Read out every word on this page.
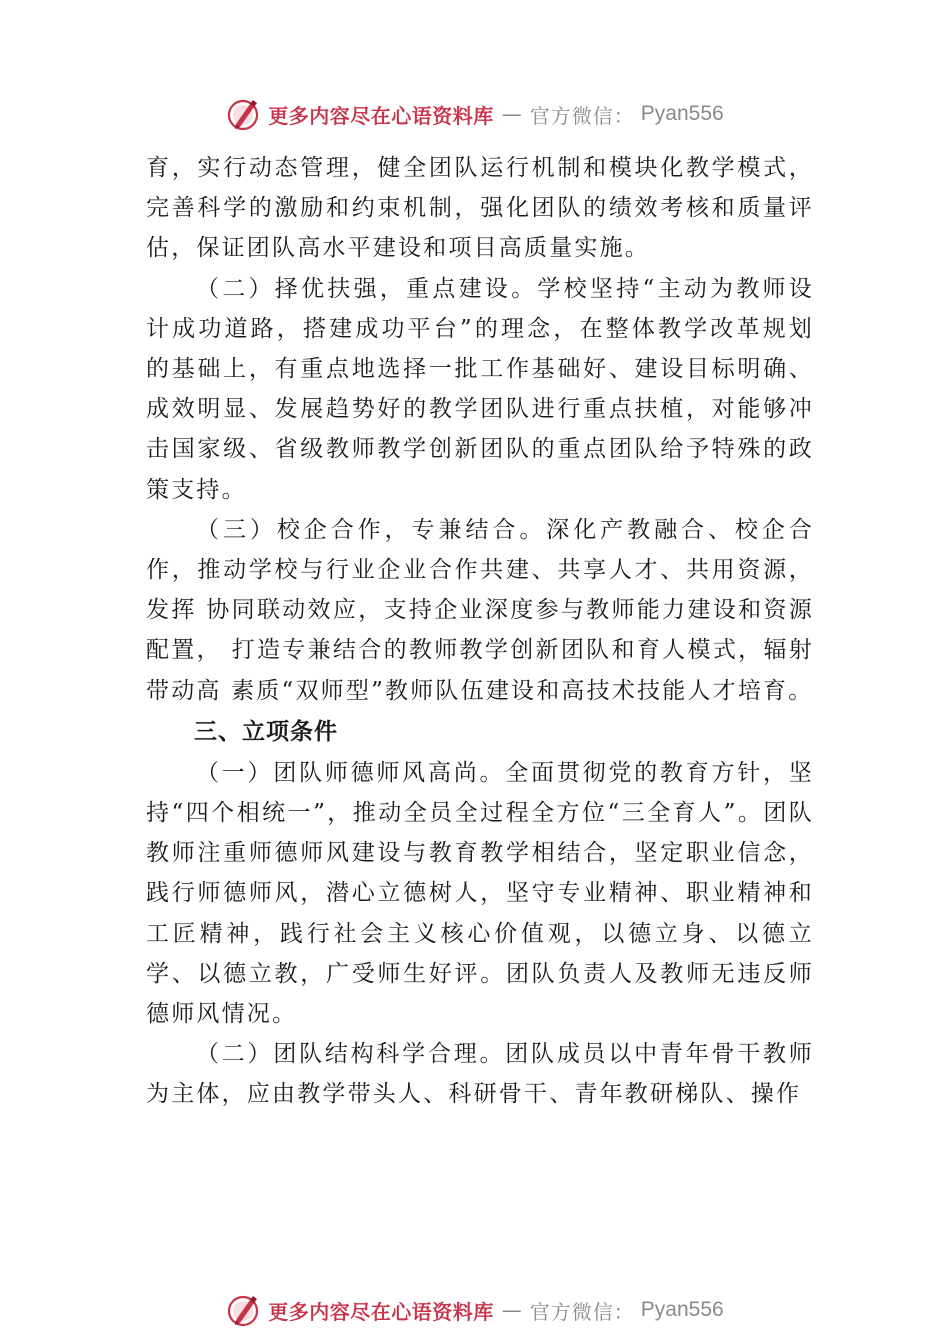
更多内容尽在心语资料库 — 官方微信： Pyan556

育，实行动态管理，健全团队运行机制和模块化教学模式， 完善科学的激励和约束机制，强化团队的绩效考核和质量评估，保证团队高水平建设和项目高质量实施。

（二）择优扶强，重点建设。学校坚持“主动为教师设计成功道路，搭建成功平台”的理念，在整体教学改革规划的基础上，有重点地选择一批工作基础好、建设目标明确、成效明显、发展趋势好的教学团队进行重点扶植，对能够冲击国家级、省级教师教学创新团队的重点团队给予特殊的政策支持。

（三）校企合作，专兼结合。深化产教融合、校企合作，推动学校与行业企业合作共建、共享人才、共用资源，发挥 协同联动效应，支持企业深度参与教师能力建设和资源配置， 打造专兼结合的教师教学创新团队和育人模式，辐射带动高 素质“双师型”教师队伍建设和高技术技能人才培育。

三、立项条件

（一）团队师德师风高尚。全面贯彻党的教育方针，坚持“四个相统一”，推动全员全过程全方位“三全育人”。团队教师注重师德师风建设与教育教学相结合，坚定职业信念， 践行师德师风，潜心立德树人，坚守专业精神、职业精神和工匠精神，践行社会主义核心价值观，以德立身、以德立学、以德立教，广受师生好评。团队负责人及教师无违反师德师风情况。

（二）团队结构科学合理。团队成员以中青年骨干教师为主体，应由教学带头人、科研骨干、青年教研梯队、操作

更多内容尽在心语资料库 — 官方微信： Pyan556
